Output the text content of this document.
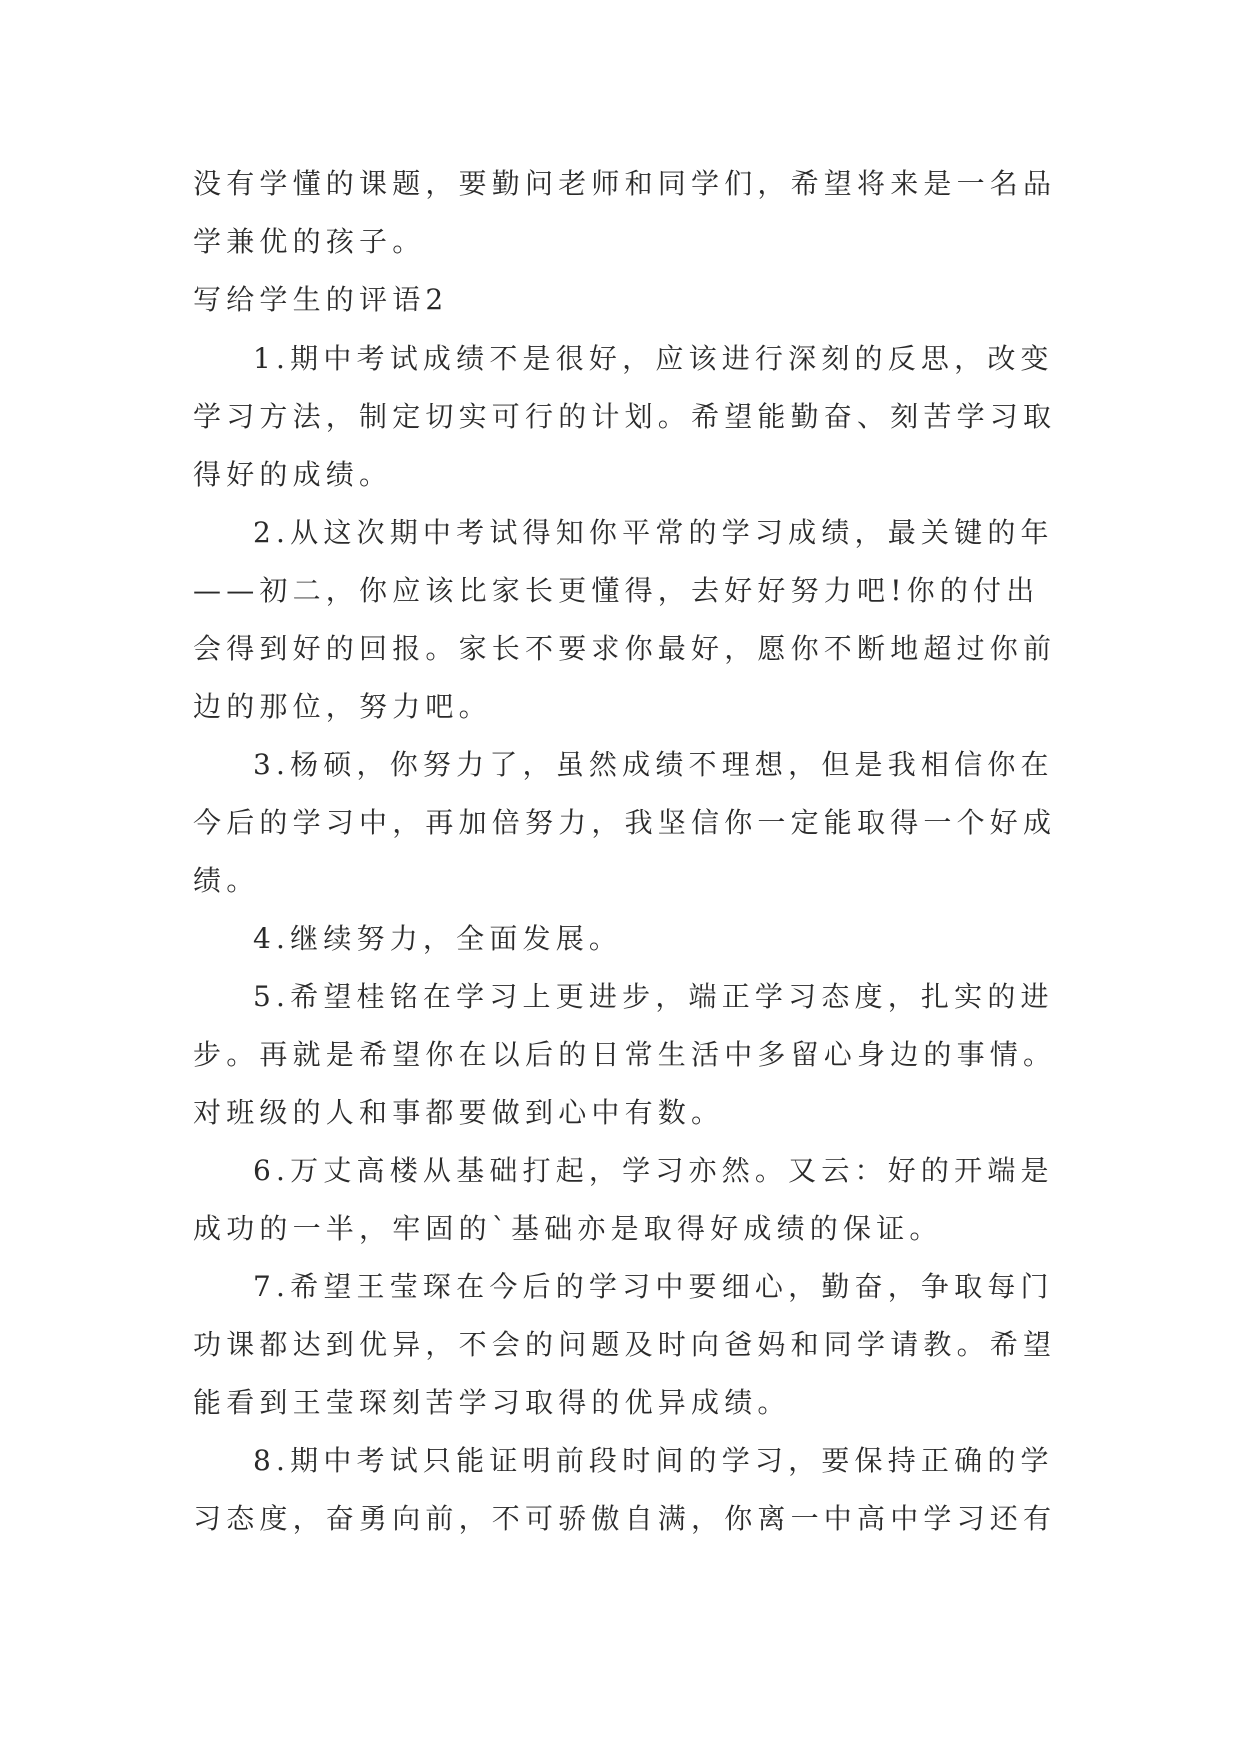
没有学懂的课题，要勤问老师和同学们，希望将来是一名品
学兼优的孩子。
写给学生的评语2
1.期中考试成绩不是很好，应该进行深刻的反思，改变
学习方法，制定切实可行的计划。希望能勤奋、刻苦学习取
得好的成绩。
2.从这次期中考试得知你平常的学习成绩，最关键的年
——初二，你应该比家长更懂得，去好好努力吧!你的付出
会得到好的回报。家长不要求你最好，愿你不断地超过你前
边的那位，努力吧。
3.杨硕，你努力了，虽然成绩不理想，但是我相信你在
今后的学习中，再加倍努力，我坚信你一定能取得一个好成
绩。
4.继续努力，全面发展。
5.希望桂铭在学习上更进步，端正学习态度，扎实的进
步。再就是希望你在以后的日常生活中多留心身边的事情。
对班级的人和事都要做到心中有数。
6.万丈高楼从基础打起，学习亦然。又云：好的开端是
成功的一半，牢固的`基础亦是取得好成绩的保证。
7.希望王莹琛在今后的学习中要细心，勤奋，争取每门
功课都达到优异，不会的问题及时向爸妈和同学请教。希望
能看到王莹琛刻苦学习取得的优异成绩。
8.期中考试只能证明前段时间的学习，要保持正确的学
习态度，奋勇向前，不可骄傲自满，你离一中高中学习还有
